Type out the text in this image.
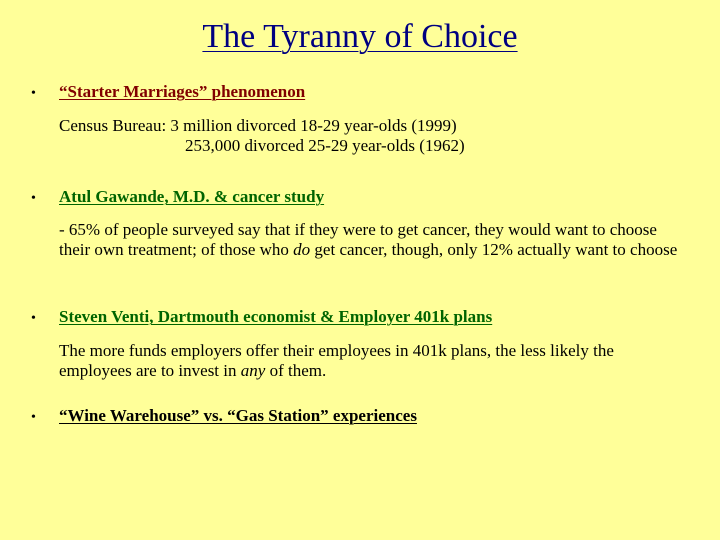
The Tyranny of Choice
•	“Starter Marriages” phenomenon
Census Bureau: 3 million divorced 18-29 year-olds (1999)
253,000 divorced 25-29 year-olds (1962)
•	Atul Gawande, M.D. & cancer study
- 65% of people surveyed say that if they were to get cancer, they would want to choose their own treatment; of those who do get cancer, though, only 12% actually want to choose
•	Steven Venti, Dartmouth economist & Employer 401k plans
The more funds employers offer their employees in 401k plans, the less likely the employees are to invest in any of them.
•	“Wine Warehouse” vs. “Gas Station” experiences
